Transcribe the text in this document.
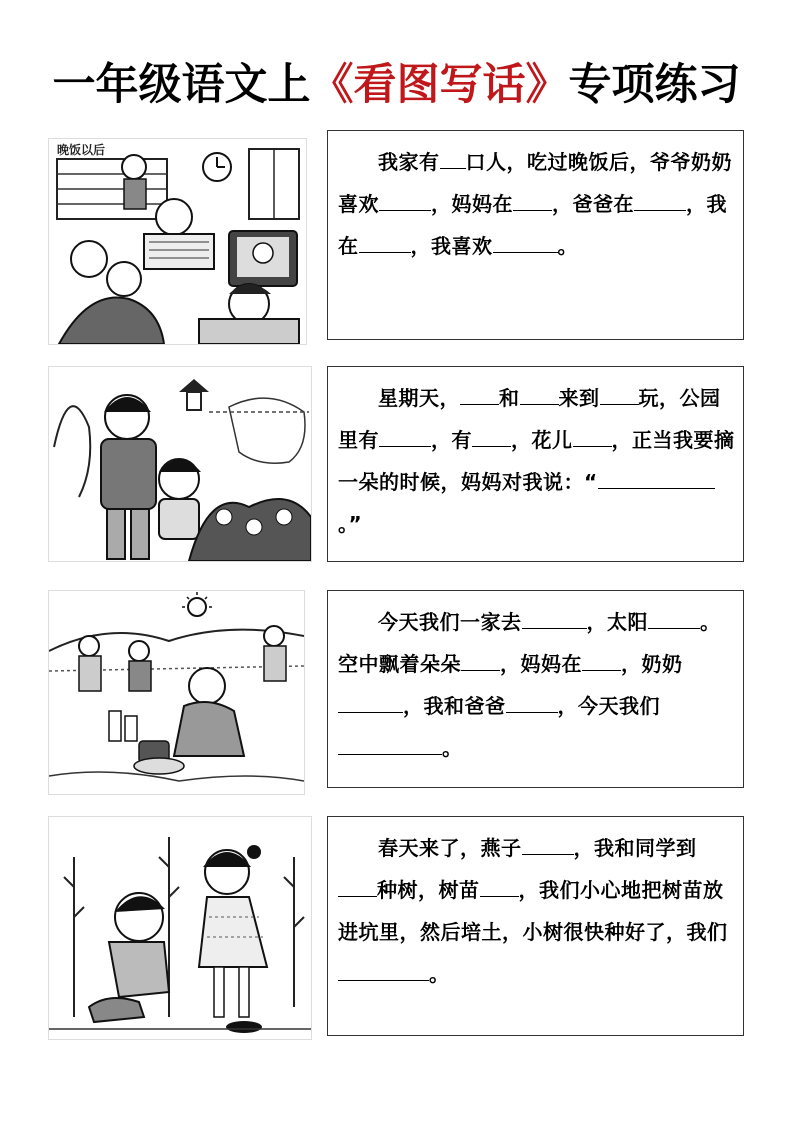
一年级语文上《看图写话》专项练习
晚饭以后	我家有 口人，吃过晚饭后，爷爷奶奶喜欢	，妈妈在 ，爸爸在	，我在	，我喜欢	。
星期天， 和 来到 玩，公园里有	，有 ，花儿 ，正当我要摘一朵的时候，妈妈对我说：“。”
今天我们一家去	，太阳	。空中飘着朵朵 ，妈妈在 ，奶奶，我和爸爸	，今天我们。
春天来了，燕子	，我和同学到种树，树苗 ，我们小心地把树苗放进坑里，然后培土，小树很快种好了，我们。
